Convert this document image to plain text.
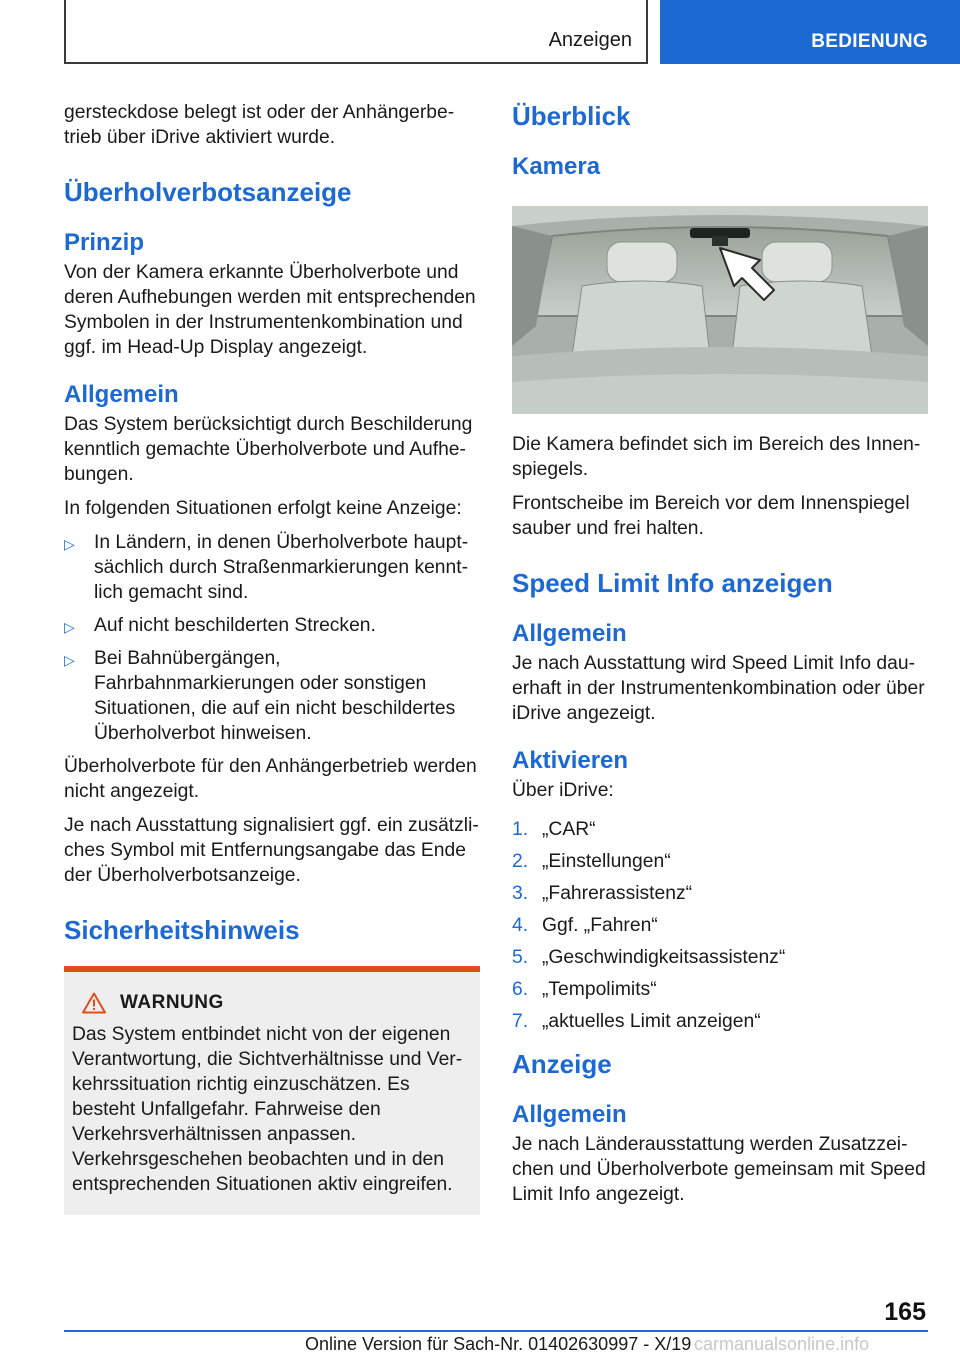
Anzeigen	BEDIENUNG

gersteckdose belegt ist oder der Anhängerbetrieb über iDrive aktiviert wurde.

Überholverbotsanzeige
Prinzip

Von der Kamera erkannte Überholverbote und deren Aufhebungen werden mit entsprechenden Symbolen in der Instrumentenkombination und ggf. im Head-Up Display angezeigt.

Allgemein

Das System berücksichtigt durch Beschilderung kenntlich gemachte Überholverbote und Aufhebungen.

In folgenden Situationen erfolgt keine Anzeige:

▷ In Ländern, in denen Überholverbote hauptsächlich durch Straßenmarkierungen kenntlich gemacht sind.
▷ Auf nicht beschilderten Strecken.
▷ Bei Bahnübergängen, Fahrbahnmarkierungen oder sonstigen Situationen, die auf ein nicht beschildertes Überholverbot hinweisen.

Überholverbote für den Anhängerbetrieb werden nicht angezeigt.

Je nach Ausstattung signalisiert ggf. ein zusätzliches Symbol mit Entfernungsangabe das Ende der Überholverbotsanzeige.

Sicherheitshinweis
WARNUNG

Das System entbindet nicht von der eigenen Verantwortung, die Sichtverhältnisse und Verkehrssituation richtig einzuschätzen. Es besteht Unfallgefahr. Fahrweise den Verkehrsverhältnissen anpassen. Verkehrsgeschehen beobachten und in den entsprechenden Situationen aktiv eingreifen.

Überblick
Kamera

Die Kamera befindet sich im Bereich des Innenspiegels.

Frontscheibe im Bereich vor dem Innenspiegel sauber und frei halten.

Speed Limit Info anzeigen
Allgemein

Je nach Ausstattung wird Speed Limit Info dauerhaft in der Instrumentenkombination oder über iDrive angezeigt.

Aktivieren

Über iDrive:

1. „CAR“
2. „Einstellungen“
3. „Fahrerassistenz“
4. Ggf. „Fahren“
5. „Geschwindigkeitsassistenz“
6. „Tempolimits“
7. „aktuelles Limit anzeigen“
Anzeige
Allgemein

Je nach Länderausstattung werden Zusatzzeichen und Überholverbote gemeinsam mit Speed Limit Info angezeigt.

165
Online Version für Sach-Nr. 01402630997 - X/19 carmanualsonline.info
